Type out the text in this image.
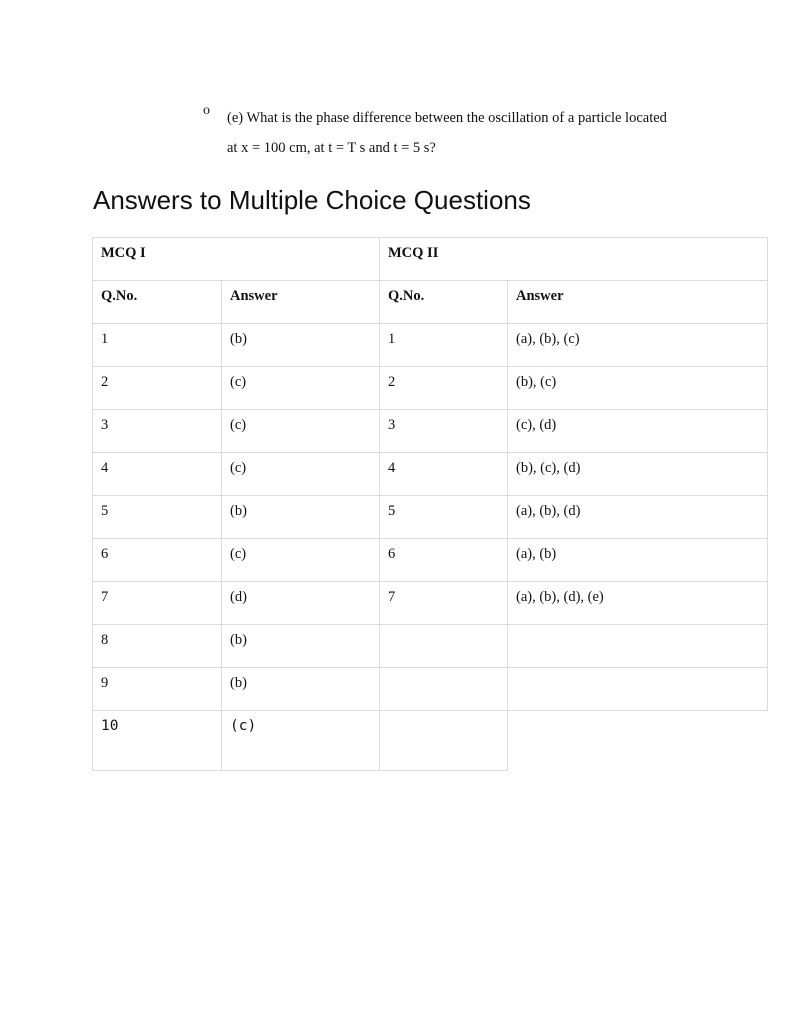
o (e) What is the phase difference between the oscillation of a particle located
at x = 100 cm, at t = T s and t = 5 s?
Answers to Multiple Choice Questions
MCQ I		MCQ II	
Q.No.	Answer	Q.No.	Answer
1	(b)	1	(a), (b), (c)
2	(c)	2	(b), (c)
3	(c)	3	(c), (d)
4	(c)	4	(b), (c), (d)
5	(b)	5	(a), (b), (d)
6	(c)	6	(a), (b)
7	(d)	7	(a), (b), (d), (e)
8	(b)		
9	(b)		
10	(c)		
